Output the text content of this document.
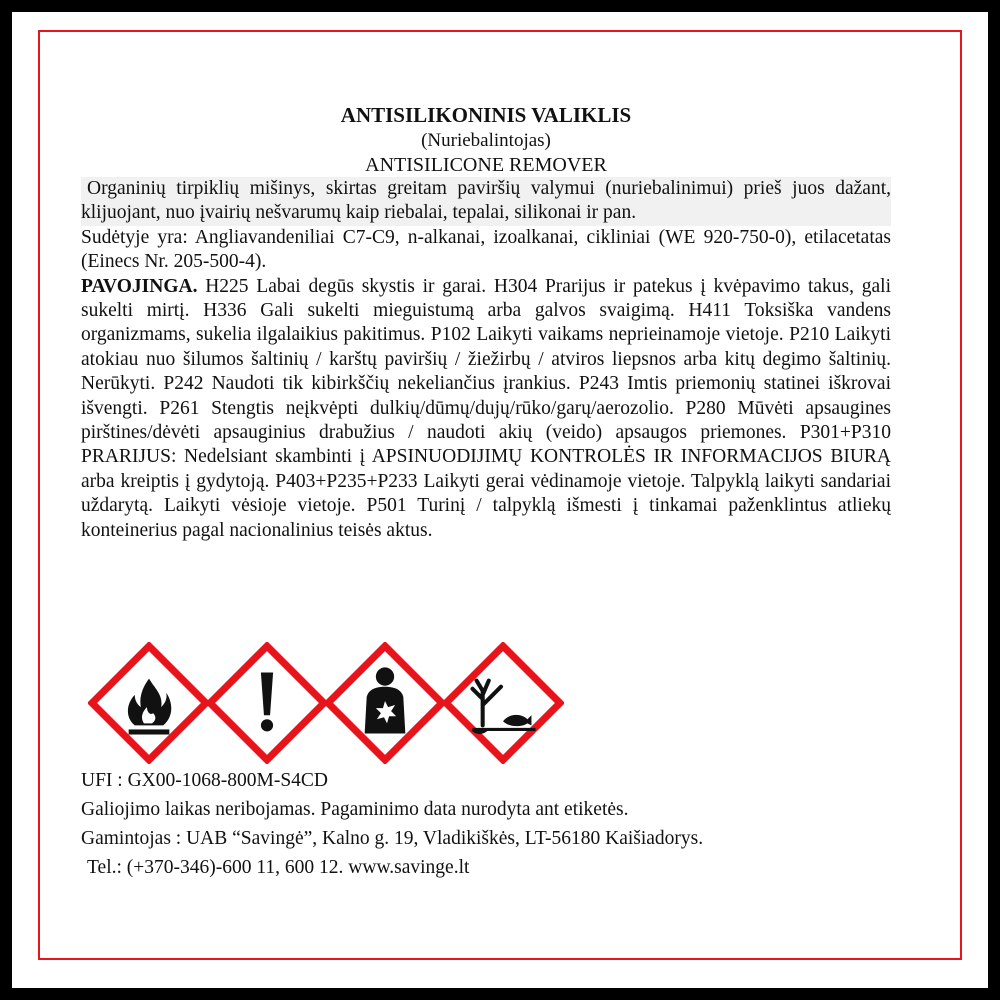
ANTISILIKONINIS VALIKLIS

(Nuriebalintojas)

ANTISILICONE REMOVER

Organinių tirpiklių mišinys, skirtas greitam paviršių valymui (nuriebalinimui) prieš juos dažant, klijuojant, nuo įvairių nešvarumų kaip riebalai, tepalai, silikonai ir pan.

Sudėtyje yra: Angliavandeniliai C7-C9, n-alkanai, izoalkanai, cikliniai (WE 920-750-0), etilacetatas (Einecs Nr. 205-500-4).

PAVOJINGA. H225 Labai degūs skystis ir garai. H304 Prarijus ir patekus į kvėpavimo takus, gali sukelti mirtį. H336 Gali sukelti mieguistumą arba galvos svaigimą. H411 Toksiška vandens organizmams, sukelia ilgalaikius pakitimus. P102 Laikyti vaikams neprieinamoje vietoje. P210 Laikyti atokiau nuo šilumos šaltinių / karštų paviršių / žiežirbų / atviros liepsnos arba kitų degimo šaltinių. Nerūkyti. P242 Naudoti tik kibirkščių nekeliančius įrankius. P243 Imtis priemonių statinei iškrovai išvengti. P261 Stengtis neįkvėpti dulkių/dūmų/dujų/rūko/garų/aerozolio. P280 Mūvėti apsaugines pirštines/dėvėti apsauginius drabužius / naudoti akių (veido) apsaugos priemones. P301+P310 PRARIJUS: Nedelsiant skambinti į APSINUODIJIMŲ KONTROLĖS IR INFORMACIJOS BIURĄ arba kreiptis į gydytoją. P403+P235+P233 Laikyti gerai vėdinamoje vietoje. Talpyklą laikyti sandariai uždarytą. Laikyti vėsioje vietoje. P501 Turinį / talpyklą išmesti į tinkamai paženklintus atliekų konteinerius pagal nacionalinius teisės aktus.

UFI : GX00-1068-800M-S4CD

Galiojimo laikas neribojamas. Pagaminimo data nurodyta ant etiketės.

Gamintojas : UAB “Savingė”, Kalno g. 19, Vladikiškės, LT-56180 Kaišiadorys.

Tel.: (+370-346)-600 11, 600 12. www.savinge.lt
